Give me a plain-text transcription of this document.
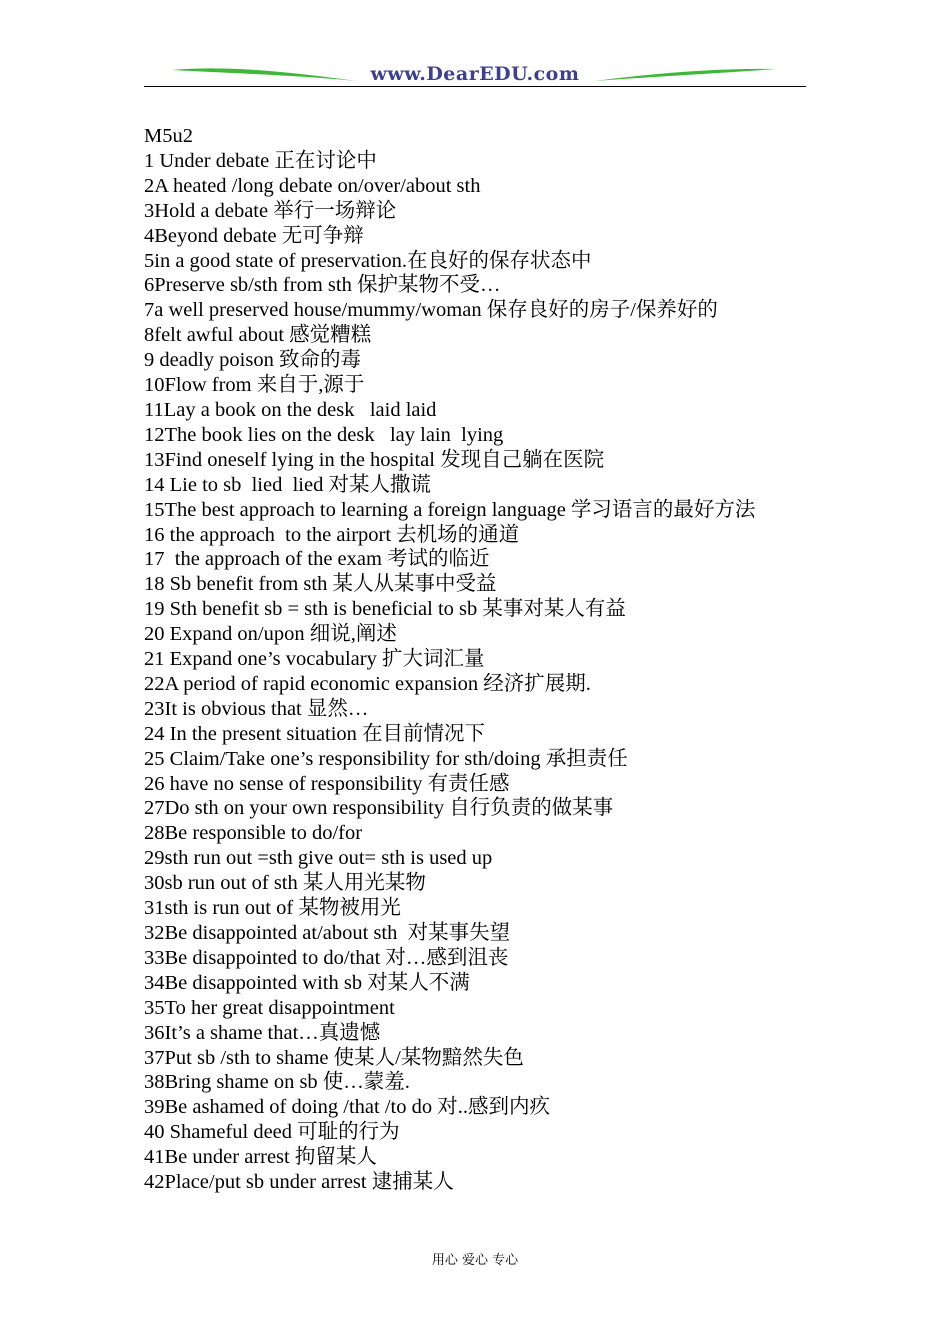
www.DearEDU.com
M5u2
1 Under debate 正在讨论中
2A heated /long debate on/over/about sth
3Hold a debate 举行一场辩论
4Beyond debate 无可争辩
5in a good state of preservation.在良好的保存状态中
6Preserve sb/sth from sth 保护某物不受…
7a well preserved house/mummy/woman 保存良好的房子/保养好的
8felt awful about 感觉糟糕
9 deadly poison 致命的毒
10Flow from 来自于,源于
11Lay a book on the desk   laid laid
12The book lies on the desk   lay lain  lying
13Find oneself lying in the hospital 发现自己躺在医院
14 Lie to sb  lied  lied 对某人撒谎
15The best approach to learning a foreign language 学习语言的最好方法
16 the approach  to the airport 去机场的通道
17  the approach of the exam 考试的临近
18 Sb benefit from sth 某人从某事中受益
19 Sth benefit sb = sth is beneficial to sb 某事对某人有益
20 Expand on/upon 细说,阐述
21 Expand one’s vocabulary 扩大词汇量
22A period of rapid economic expansion 经济扩展期.
23It is obvious that 显然…
24 In the present situation 在目前情况下
25 Claim/Take one’s responsibility for sth/doing 承担责任
26 have no sense of responsibility 有责任感
27Do sth on your own responsibility 自行负责的做某事
28Be responsible to do/for
29sth run out =sth give out= sth is used up
30sb run out of sth 某人用光某物
31sth is run out of 某物被用光
32Be disappointed at/about sth  对某事失望
33Be disappointed to do/that 对…感到沮丧
34Be disappointed with sb 对某人不满
35To her great disappointment
36It’s a shame that…真遗憾
37Put sb /sth to shame 使某人/某物黯然失色
38Bring shame on sb 使…蒙羞.
39Be ashamed of doing /that /to do 对..感到内疚
40 Shameful deed 可耻的行为
41Be under arrest 拘留某人
42Place/put sb under arrest 逮捕某人
用心 爱心 专心
